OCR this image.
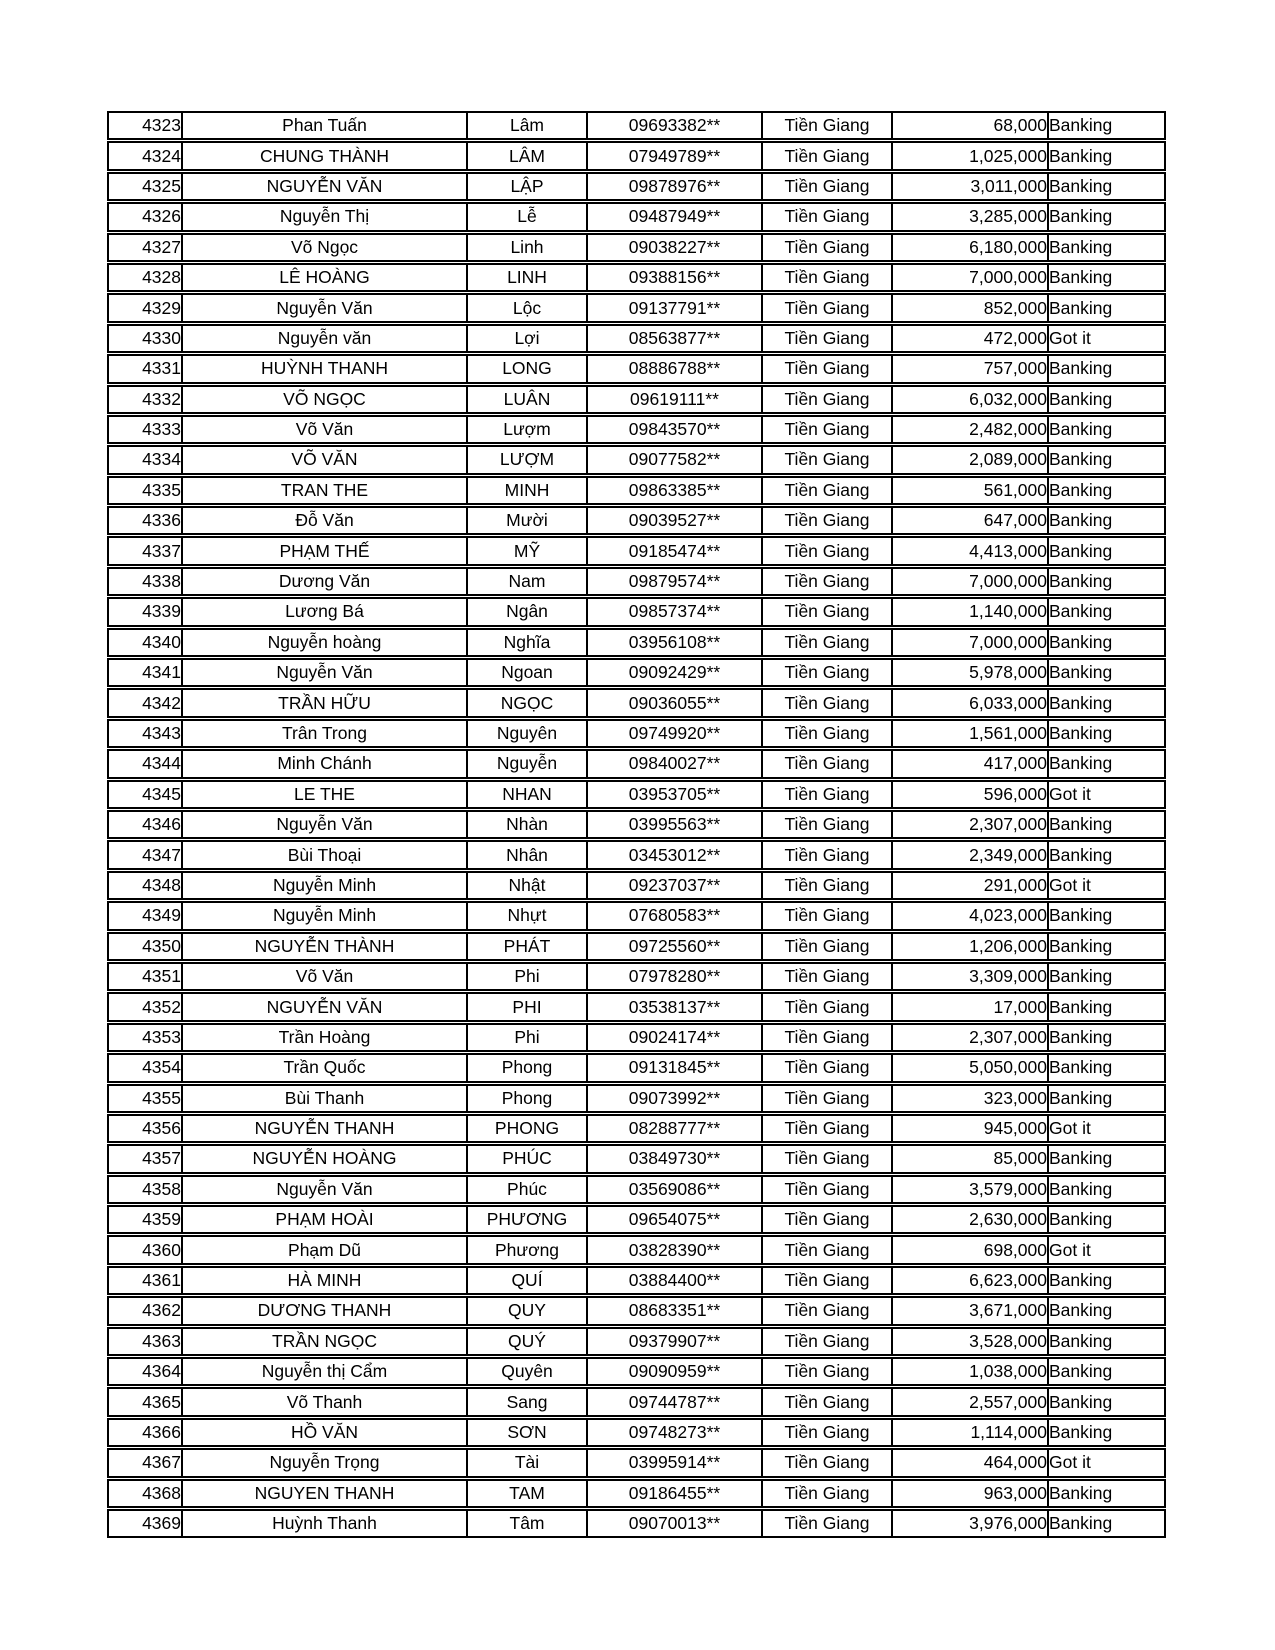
4323	Phan Tuấn	Lâm	09693382**	Tiền Giang	68,000	Banking
4324	CHUNG THÀNH	LÂM	07949789**	Tiền Giang	1,025,000	Banking
4325	NGUYỄN VĂN	LẬP	09878976**	Tiền Giang	3,011,000	Banking
4326	Nguyễn Thị	Lễ	09487949**	Tiền Giang	3,285,000	Banking
4327	Võ Ngọc	Linh	09038227**	Tiền Giang	6,180,000	Banking
4328	LÊ HOÀNG	LINH	09388156**	Tiền Giang	7,000,000	Banking
4329	Nguyễn Văn	Lộc	09137791**	Tiền Giang	852,000	Banking
4330	Nguyễn văn	Lợi	08563877**	Tiền Giang	472,000	Got it
4331	HUỲNH THANH	LONG	08886788**	Tiền Giang	757,000	Banking
4332	VÕ NGỌC	LUÂN	09619111**	Tiền Giang	6,032,000	Banking
4333	Võ Văn	Lượm	09843570**	Tiền Giang	2,482,000	Banking
4334	VÕ VĂN	LƯỢM	09077582**	Tiền Giang	2,089,000	Banking
4335	TRAN THE	MINH	09863385**	Tiền Giang	561,000	Banking
4336	Đỗ Văn	Mười	09039527**	Tiền Giang	647,000	Banking
4337	PHẠM THẾ	MỸ	09185474**	Tiền Giang	4,413,000	Banking
4338	Dương Văn	Nam	09879574**	Tiền Giang	7,000,000	Banking
4339	Lương Bá	Ngân	09857374**	Tiền Giang	1,140,000	Banking
4340	Nguyễn hoàng	Nghĩa	03956108**	Tiền Giang	7,000,000	Banking
4341	Nguyễn Văn	Ngoan	09092429**	Tiền Giang	5,978,000	Banking
4342	TRẦN HỮU	NGỌC	09036055**	Tiền Giang	6,033,000	Banking
4343	Trân Trong	Nguyên	09749920**	Tiền Giang	1,561,000	Banking
4344	Minh Chánh	Nguyễn	09840027**	Tiền Giang	417,000	Banking
4345	LE THE	NHAN	03953705**	Tiền Giang	596,000	Got it
4346	Nguyễn Văn	Nhàn	03995563**	Tiền Giang	2,307,000	Banking
4347	Bùi Thoại	Nhân	03453012**	Tiền Giang	2,349,000	Banking
4348	Nguyễn Minh	Nhật	09237037**	Tiền Giang	291,000	Got it
4349	Nguyễn Minh	Nhựt	07680583**	Tiền Giang	4,023,000	Banking
4350	NGUYỄN THÀNH	PHÁT	09725560**	Tiền Giang	1,206,000	Banking
4351	Võ Văn	Phi	07978280**	Tiền Giang	3,309,000	Banking
4352	NGUYỄN VĂN	PHI	03538137**	Tiền Giang	17,000	Banking
4353	Trần Hoàng	Phi	09024174**	Tiền Giang	2,307,000	Banking
4354	Trần Quốc	Phong	09131845**	Tiền Giang	5,050,000	Banking
4355	Bùi Thanh	Phong	09073992**	Tiền Giang	323,000	Banking
4356	NGUYỄN THANH	PHONG	08288777**	Tiền Giang	945,000	Got it
4357	NGUYỄN HOÀNG	PHÚC	03849730**	Tiền Giang	85,000	Banking
4358	Nguyễn Văn	Phúc	03569086**	Tiền Giang	3,579,000	Banking
4359	PHẠM HOÀI	PHƯƠNG	09654075**	Tiền Giang	2,630,000	Banking
4360	Phạm Dũ	Phương	03828390**	Tiền Giang	698,000	Got it
4361	HÀ MINH	QUÍ	03884400**	Tiền Giang	6,623,000	Banking
4362	DƯƠNG THANH	QUY	08683351**	Tiền Giang	3,671,000	Banking
4363	TRẦN NGỌC	QUÝ	09379907**	Tiền Giang	3,528,000	Banking
4364	Nguyễn thị Cẩm	Quyên	09090959**	Tiền Giang	1,038,000	Banking
4365	Võ Thanh	Sang	09744787**	Tiền Giang	2,557,000	Banking
4366	HỒ VĂN	SƠN	09748273**	Tiền Giang	1,114,000	Banking
4367	Nguyễn Trọng	Tài	03995914**	Tiền Giang	464,000	Got it
4368	NGUYEN THANH	TAM	09186455**	Tiền Giang	963,000	Banking
4369	Huỳnh Thanh	Tâm	09070013**	Tiền Giang	3,976,000	Banking
